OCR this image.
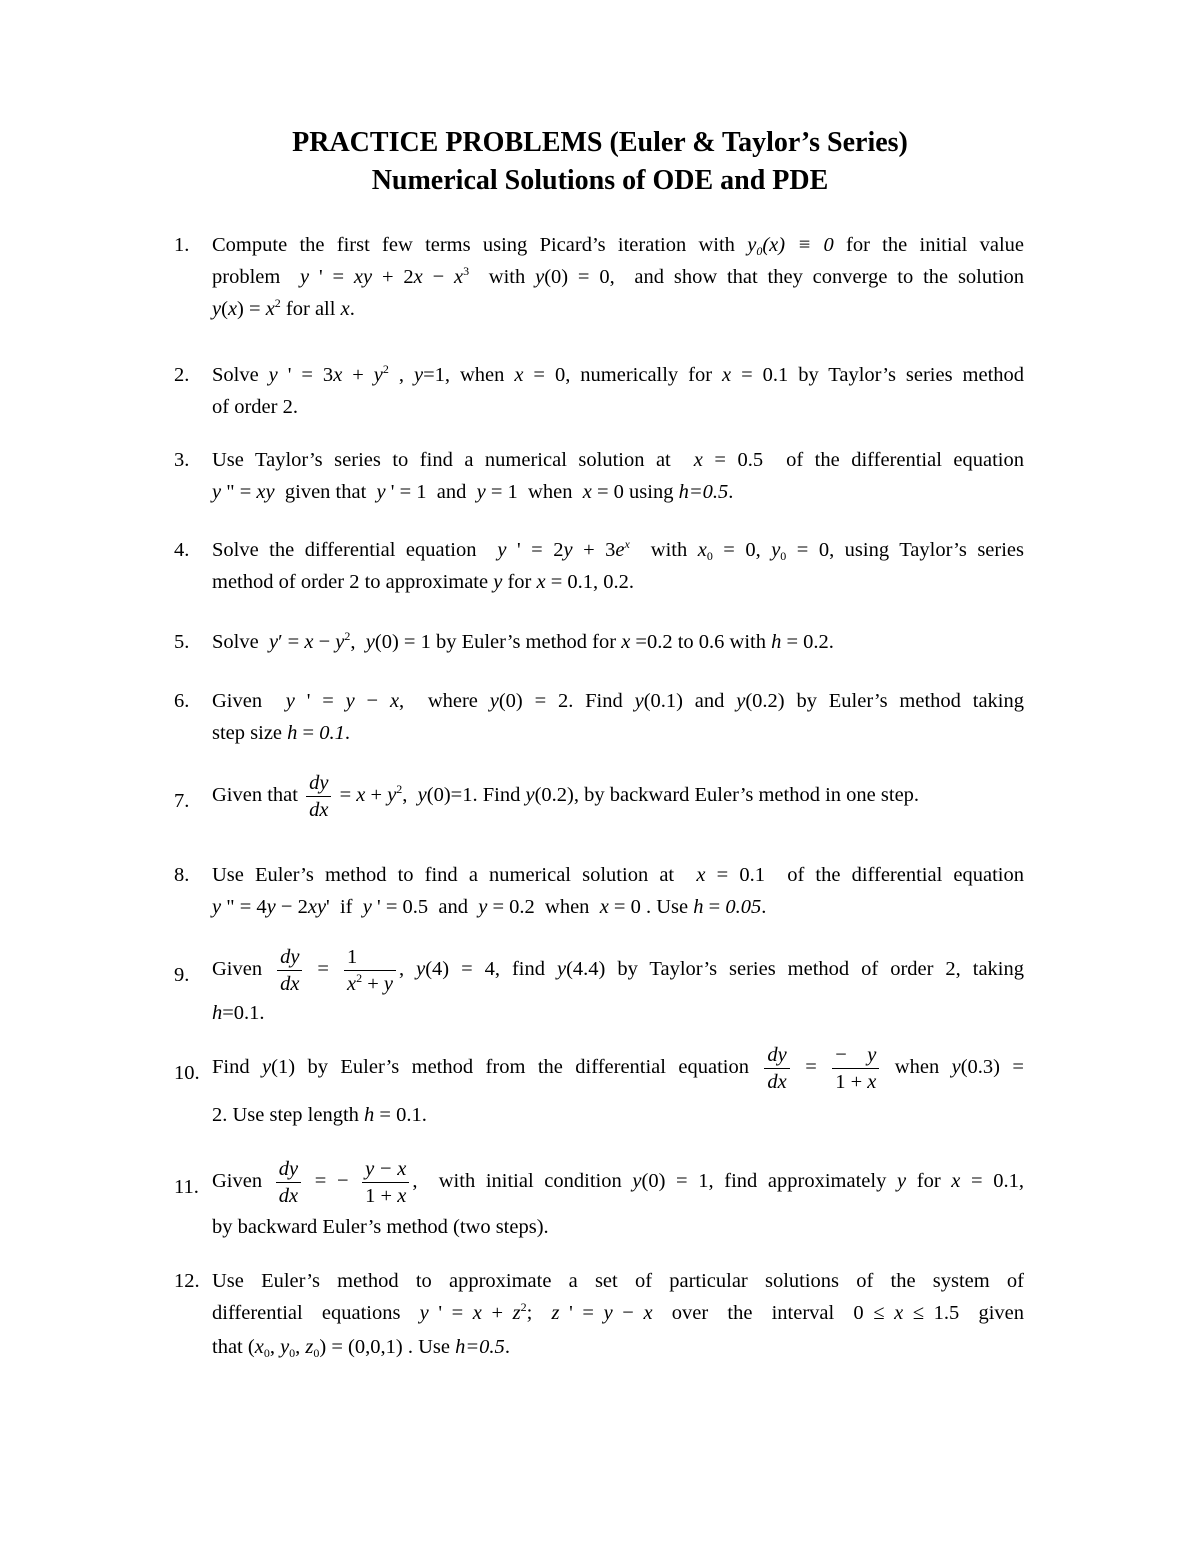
PRACTICE PROBLEMS (Euler & Taylor’s Series)
Numerical Solutions of ODE and PDE
1.	Compute the first few terms using Picard’s iteration with $y_0(x) \equiv 0$ for the initial value
problem  y ' = xy + $2x - x^3$  with y(0) = 0,  and show that they converge to the solution
$y(x) = x^2$ for all x.
2.	Solve y ' = $3x + y^2$ , y=1, when x = 0, numerically for x = 0.1 by Taylor’s series method
of order 2.
3.	Use Taylor’s series to find a numerical solution at  x = 0.5  of the differential equation
y " = xy  given that  y ' = 1  and  y = 1  when  x = 0 using h=0.5.
4.	Solve the differential equation  y ' = $2y + 3e^x$  with $x_0 = 0$, $y_0 = 0$, using Taylor’s series
method of order 2 to approximate y for x = 0.1, 0.2.
5.	Solve  $y' = x - y^2$,  y(0) = 1 by Euler’s method for x =0.2 to 0.6 with h = 0.2.
6.	Given  y ' = y − x,  where y(0) = 2. Find y(0.1) and y(0.2) by Euler’s method taking
step size h = 0.1.
7.	Given that $\frac{dy}{dx} = x + y^2$,  y(0)=1. Find y(0.2), by backward Euler’s method in one step.
8.	Use Euler’s method to find a numerical solution at  x = 0.1  of the differential equation
y " = 4y − 2xy'  if  y ' = 0.5  and  y = 0.2  when  x = 0 . Use h = 0.05.
9.	Given $\frac{dy}{dx} = \frac{1}{x^2 + y}$ , y(4) = 4, find y(4.4) by Taylor’s series method of order 2, taking
h=0.1.
10. Find y(1) by Euler’s method from the differential equation $\frac{dy}{dx} = \frac{- y}{1 + x}$ when y(0.3) =
2. Use step length h = 0.1.
11. Given $\frac{dy}{dx}$ = − $\frac{y - x}{1 + x}$ ,  with initial condition y(0) = 1, find approximately y for x = 0.1,
by backward Euler’s method (two steps).
12. Use Euler’s method to approximate a set of particular solutions of the system of
differential  equations  y ' = $x + z^2$;  z ' = y − x  over  the  interval  0 ≤ x ≤ 1.5  given
that ($x_0$, $y_0$, $z_0) = (0,0,1)$ . Use h=0.5.
